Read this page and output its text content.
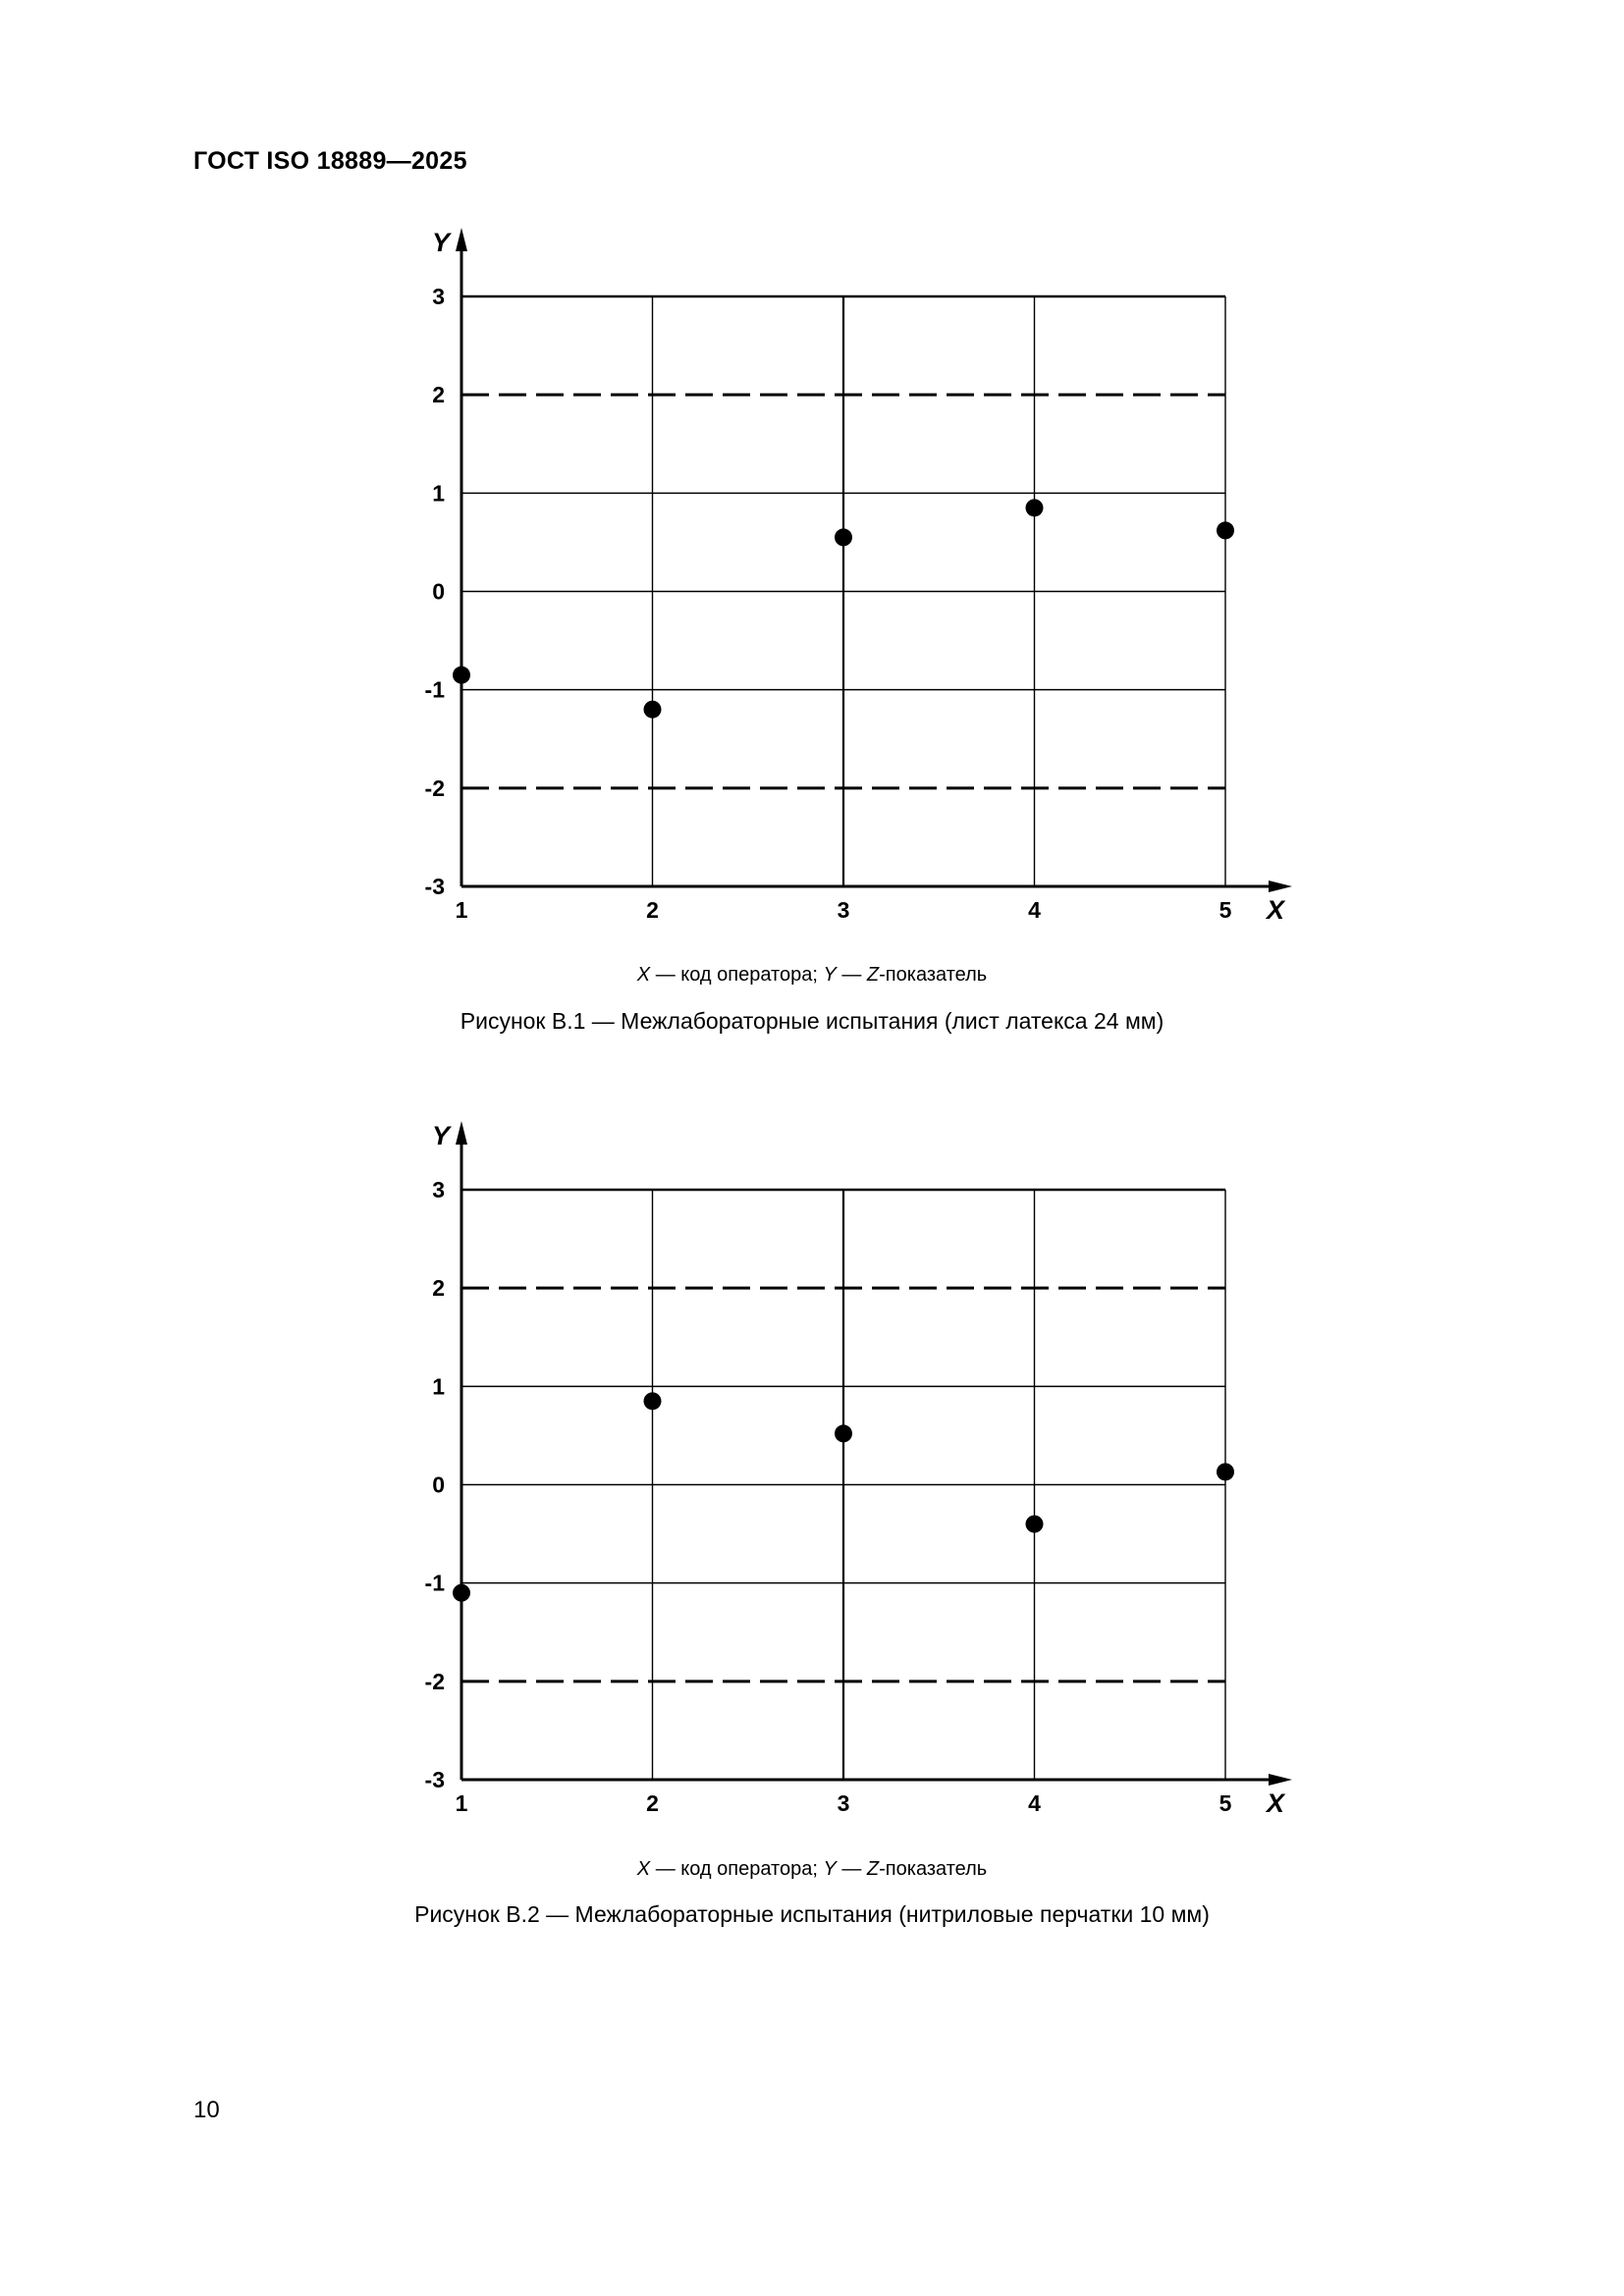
ГОСТ ISO 18889—2025
Y
X
3
2
1
0
-1
-2
-3
1	2	3	4	5
X — код оператора; Y — Z-показатель
Рисунок В.1 — Межлабораторные испытания (лист латекса 24 мм)
Y
X
3
2
1
0
-1
-2
-3
1	2	3	4	5
X — код оператора; Y — Z-показатель
Рисунок В.2 — Межлабораторные испытания (нитриловые перчатки 10 мм)
10
